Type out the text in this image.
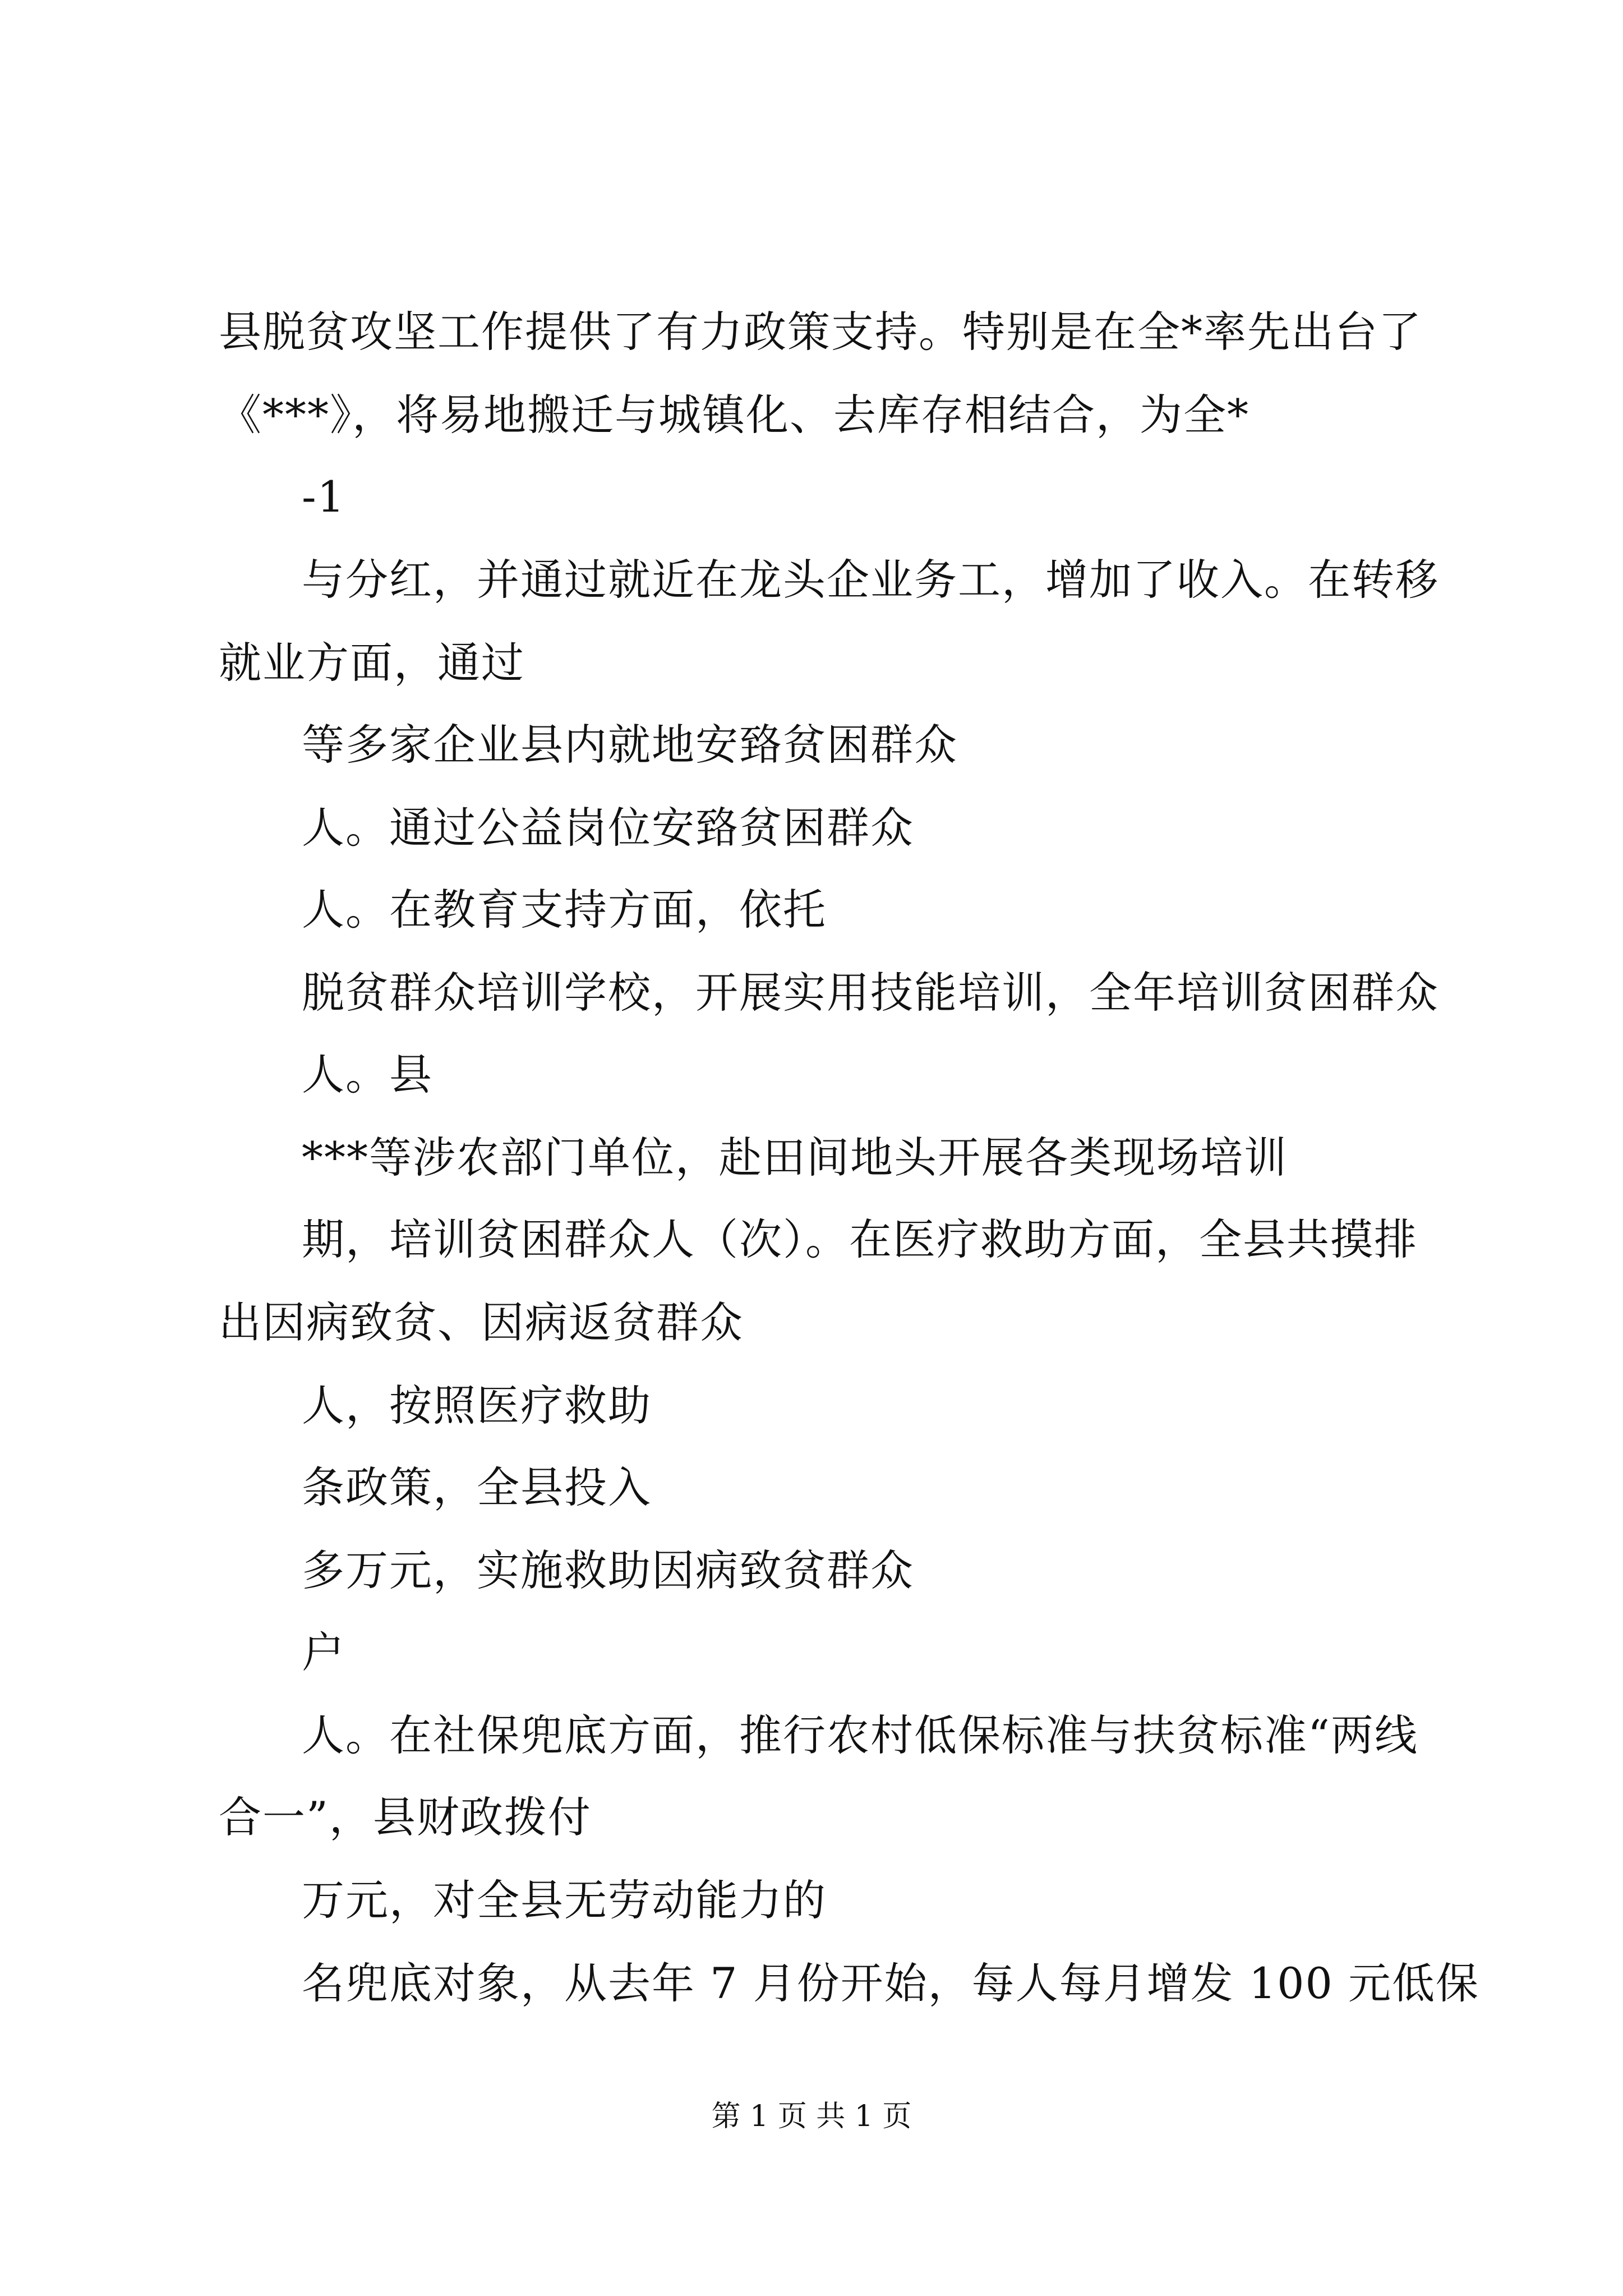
县脱贫攻坚工作提供了有力政策支持。特别是在全*率先出台了
《***》，将易地搬迁与城镇化、去库存相结合，为全*
-1
与分红，并通过就近在龙头企业务工，增加了收入。在转移
就业方面，通过
等多家企业县内就地安臵贫困群众
人。通过公益岗位安臵贫困群众
人。在教育支持方面，依托
脱贫群众培训学校，开展实用技能培训，全年培训贫困群众
人。县
***等涉农部门单位，赴田间地头开展各类现场培训
期，培训贫困群众人（次）。在医疗救助方面，全县共摸排
出因病致贫、因病返贫群众
人，按照医疗救助
条政策，全县投入
多万元，实施救助因病致贫群众
户
人。在社保兜底方面，推行农村低保标准与扶贫标准“两线
合一”，县财政拨付
万元，对全县无劳动能力的
名兜底对象，从去年 7 月份开始，每人每月增发 100 元低保
第 1 页 共 1 页
